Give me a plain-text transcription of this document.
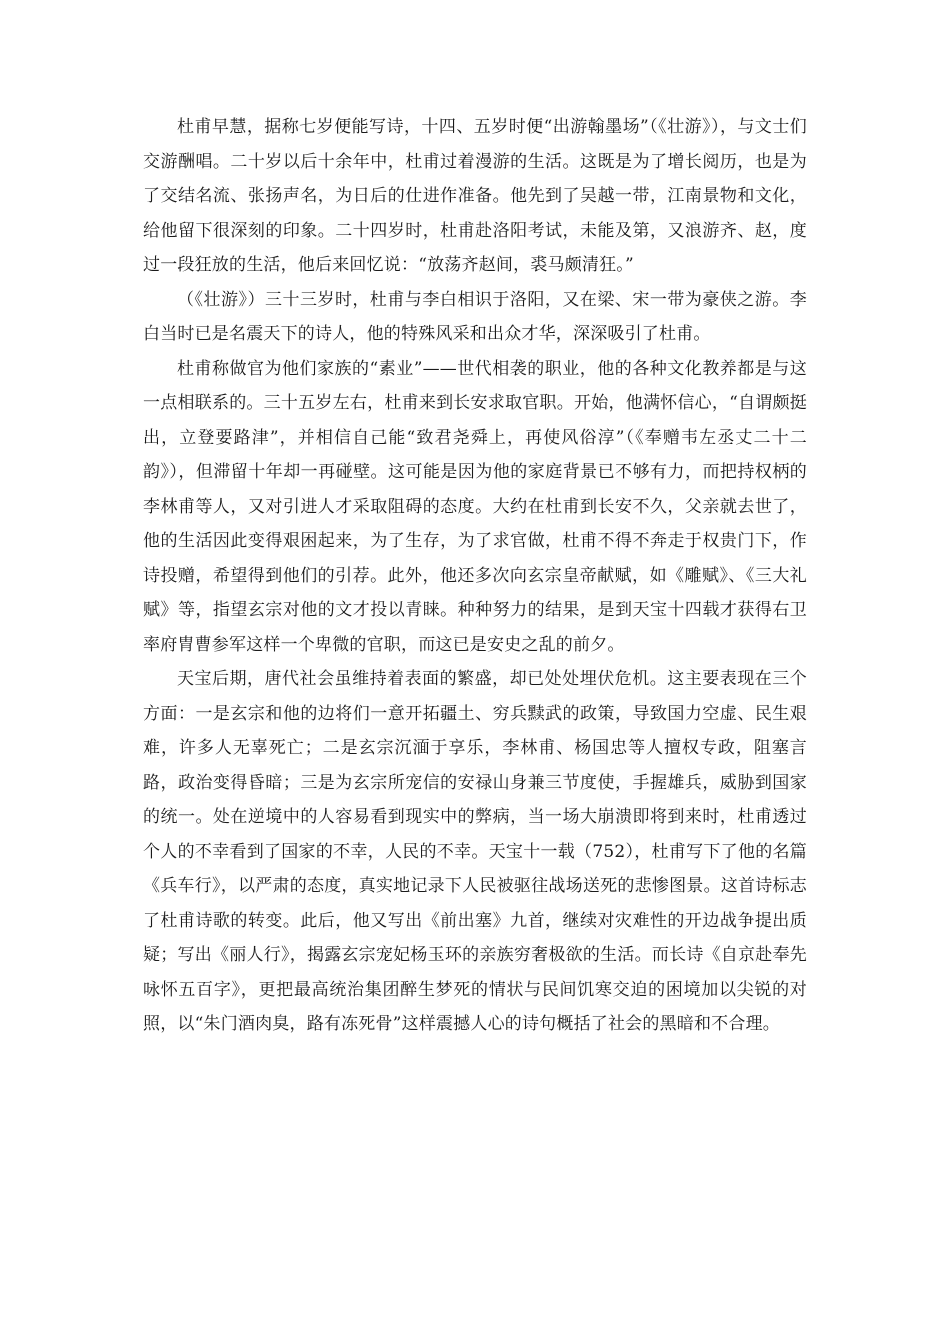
杜甫早慧，据称七岁便能写诗，十四、五岁时便“出游翰墨场”（《壮游》），与文士们交游酬唱。二十岁以后十余年中，杜甫过着漫游的生活。这既是为了增长阅历，也是为了交结名流、张扬声名，为日后的仕进作准备。他先到了吴越一带，江南景物和文化，给他留下很深刻的印象。二十四岁时，杜甫赴洛阳考试，未能及第，又浪游齐、赵，度过一段狂放的生活，他后来回忆说：“放荡齐赵间，裘马颇清狂。”

（《壮游》）三十三岁时，杜甫与李白相识于洛阳，又在梁、宋一带为豪侠之游。李白当时已是名震天下的诗人，他的特殊风采和出众才华，深深吸引了杜甫。

杜甫称做官为他们家族的“素业”——世代相袭的职业，他的各种文化教养都是与这一点相联系的。三十五岁左右，杜甫来到长安求取官职。开始，他满怀信心，“自谓颇挺出，立登要路津”，并相信自己能“致君尧舜上，再使风俗淳”（《奉赠韦左丞丈二十二韵》），但滞留十年却一再碰壁。这可能是因为他的家庭背景已不够有力，而把持权柄的李林甫等人，又对引进人才采取阻碍的态度。大约在杜甫到长安不久，父亲就去世了，他的生活因此变得艰困起来，为了生存，为了求官做，杜甫不得不奔走于权贵门下，作诗投赠，希望得到他们的引荐。此外，他还多次向玄宗皇帝献赋，如《雕赋》、《三大礼赋》等，指望玄宗对他的文才投以青睐。种种努力的结果，是到天宝十四载才获得右卫率府胄曹参军这样一个卑微的官职，而这已是安史之乱的前夕。

天宝后期，唐代社会虽维持着表面的繁盛，却已处处埋伏危机。这主要表现在三个方面：一是玄宗和他的边将们一意开拓疆土、穷兵黩武的政策，导致国力空虚、民生艰难，许多人无辜死亡；二是玄宗沉湎于享乐，李林甫、杨国忠等人擅权专政，阻塞言路，政治变得昏暗；三是为玄宗所宠信的安禄山身兼三节度使，手握雄兵，威胁到国家的统一。处在逆境中的人容易看到现实中的弊病，当一场大崩溃即将到来时，杜甫透过个人的不幸看到了国家的不幸，人民的不幸。天宝十一载（752），杜甫写下了他的名篇《兵车行》，以严肃的态度，真实地记录下人民被驱往战场送死的悲惨图景。这首诗标志了杜甫诗歌的转变。此后，他又写出《前出塞》九首，继续对灾难性的开边战争提出质疑；写出《丽人行》，揭露玄宗宠妃杨玉环的亲族穷奢极欲的生活。而长诗《自京赴奉先咏怀五百字》，更把最高统治集团醉生梦死的情状与民间饥寒交迫的困境加以尖锐的对照，以“朱门酒肉臭，路有冻死骨”这样震撼人心的诗句概括了社会的黑暗和不合理。
